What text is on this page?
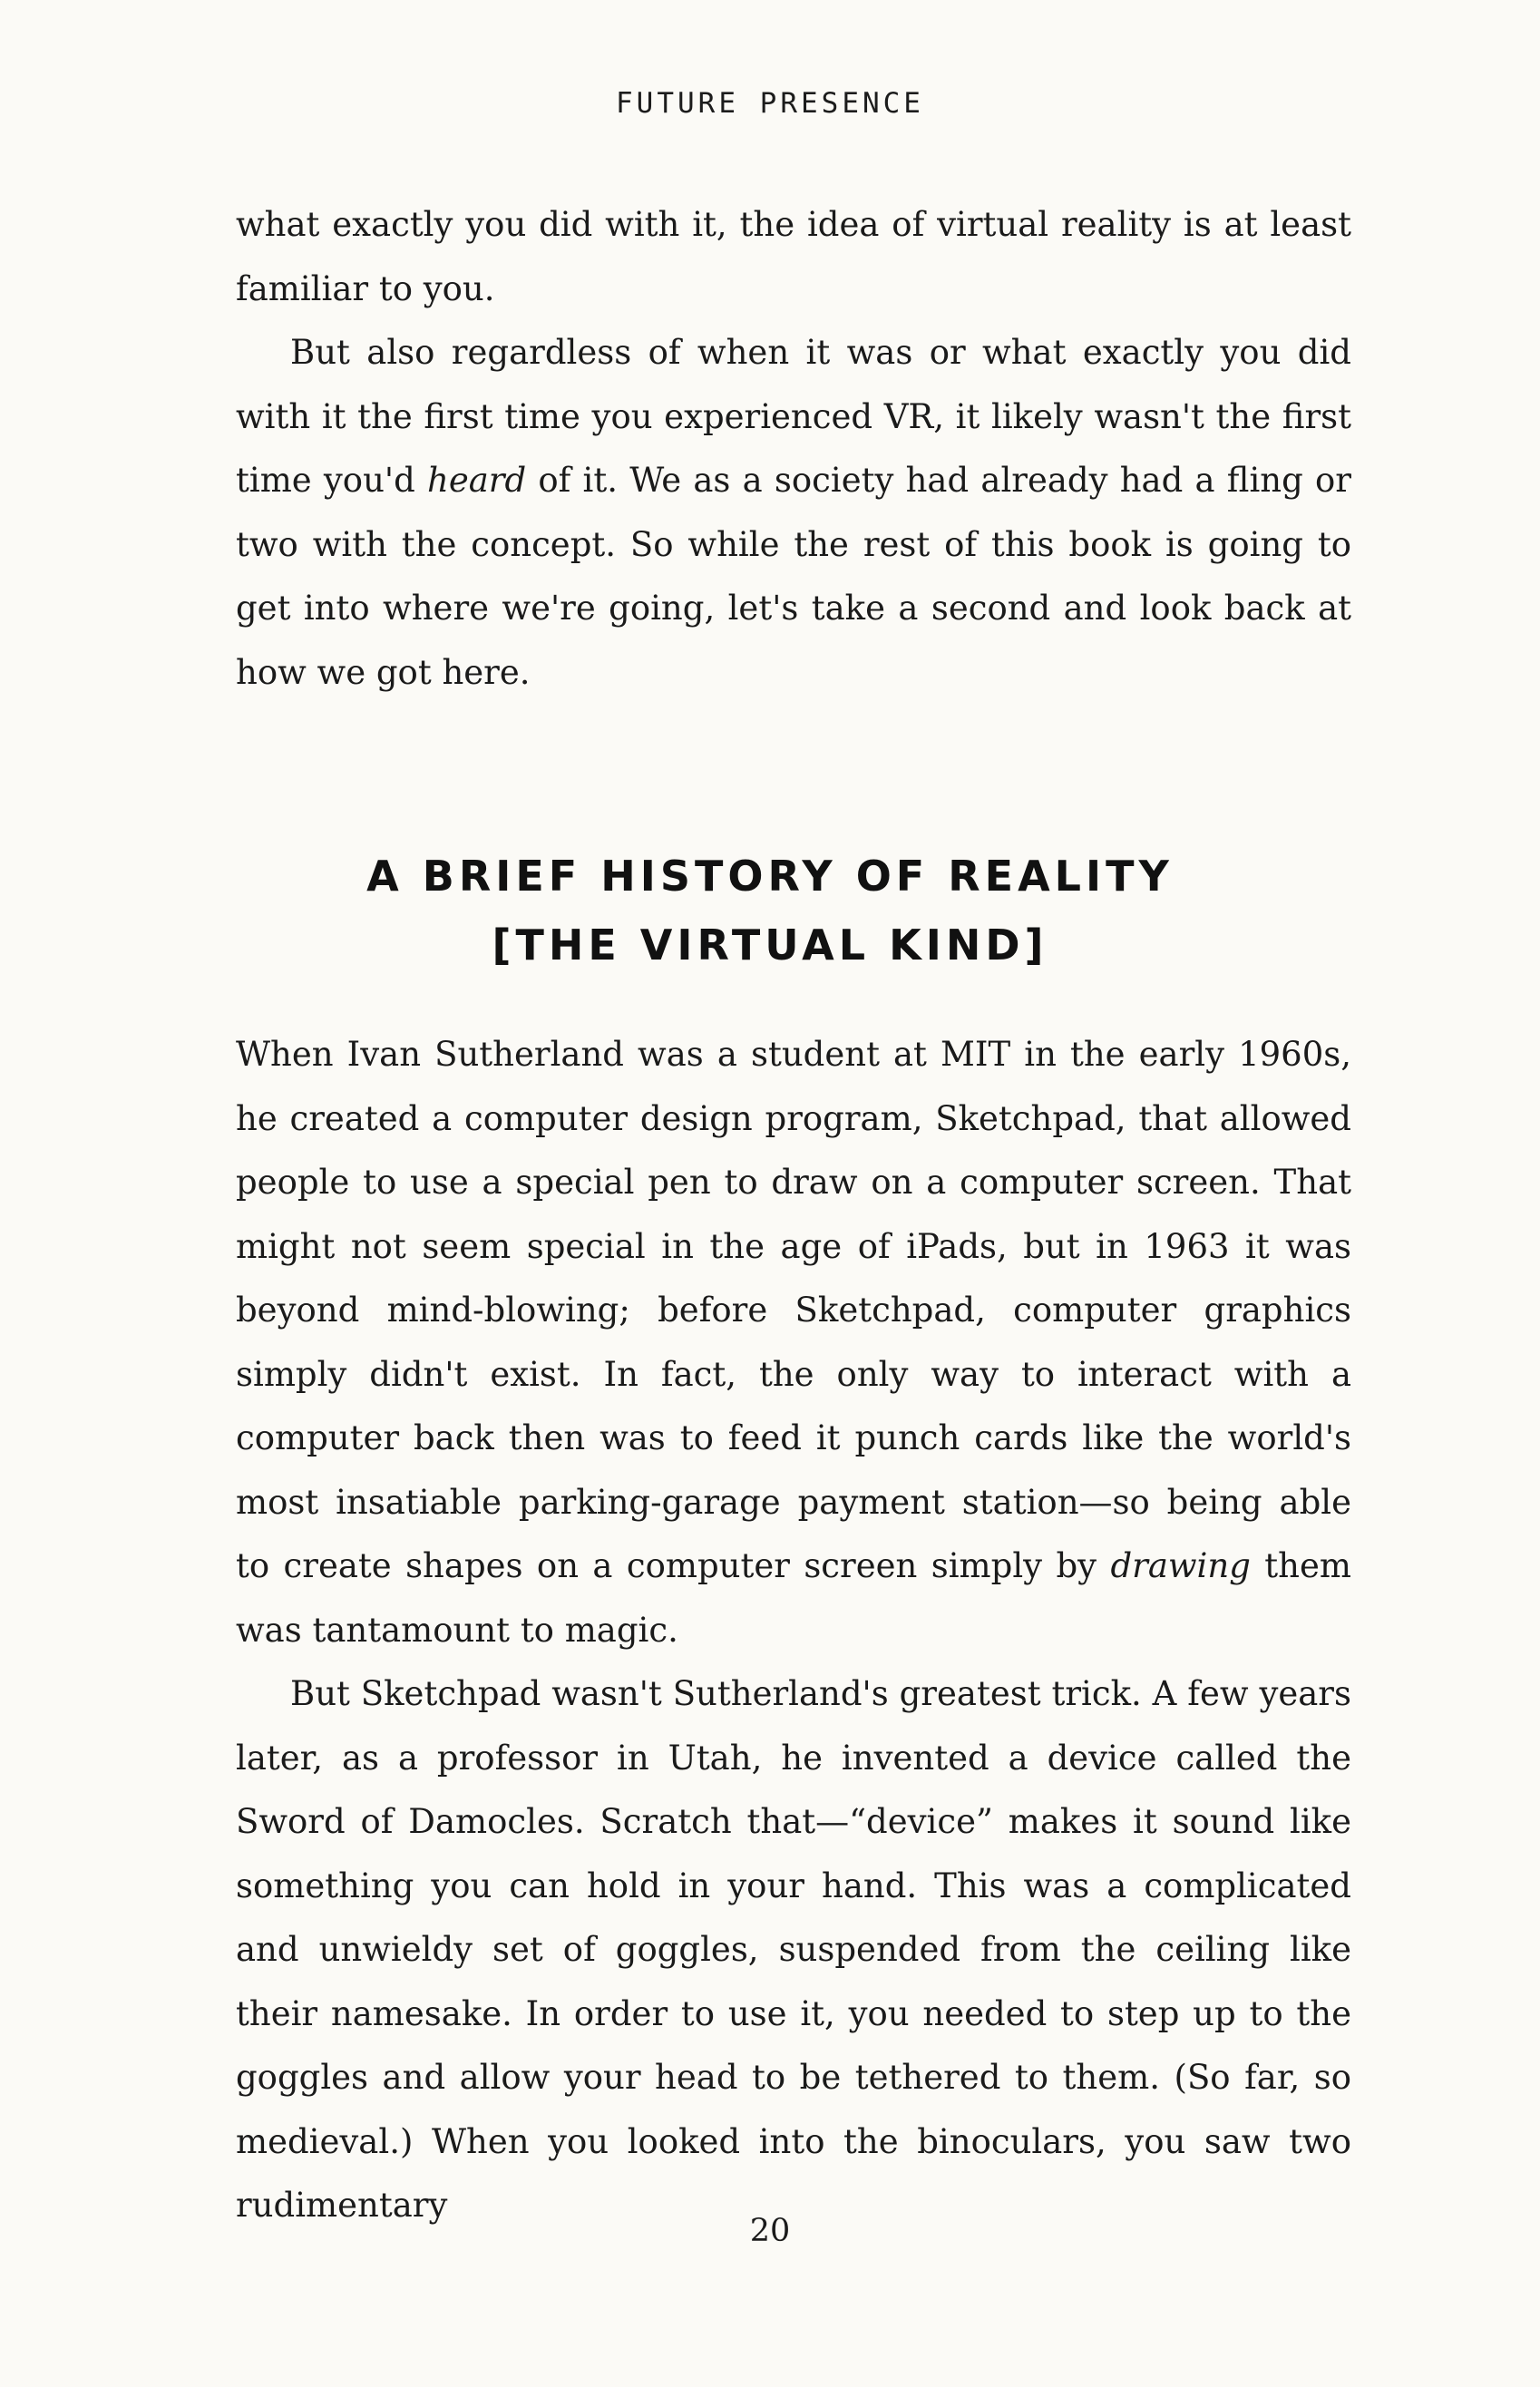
FUTURE PRESENCE

what exactly you did with it, the idea of virtual reality is at least familiar to you.

But also regardless of when it was or what exactly you did with it the first time you experienced VR, it likely wasn't the first time you'd heard of it. We as a society had already had a fling or two with the concept. So while the rest of this book is going to get into where we're going, let's take a second and look back at how we got here.

A BRIEF HISTORY OF REALITY
[THE VIRTUAL KIND]

When Ivan Sutherland was a student at MIT in the early 1960s, he created a computer design program, Sketchpad, that allowed people to use a special pen to draw on a computer screen. That might not seem special in the age of iPads, but in 1963 it was beyond mind-blowing; before Sketchpad, computer graphics simply didn't exist. In fact, the only way to interact with a computer back then was to feed it punch cards like the world's most insatiable parking-garage payment station—so being able to create shapes on a computer screen simply by drawing them was tantamount to magic.

But Sketchpad wasn't Sutherland's greatest trick. A few years later, as a professor in Utah, he invented a device called the Sword of Damocles. Scratch that—“device” makes it sound like something you can hold in your hand. This was a complicated and unwieldy set of goggles, suspended from the ceiling like their namesake. In order to use it, you needed to step up to the goggles and allow your head to be tethered to them. (So far, so medieval.) When you looked into the binoculars, you saw two rudimentary

20
